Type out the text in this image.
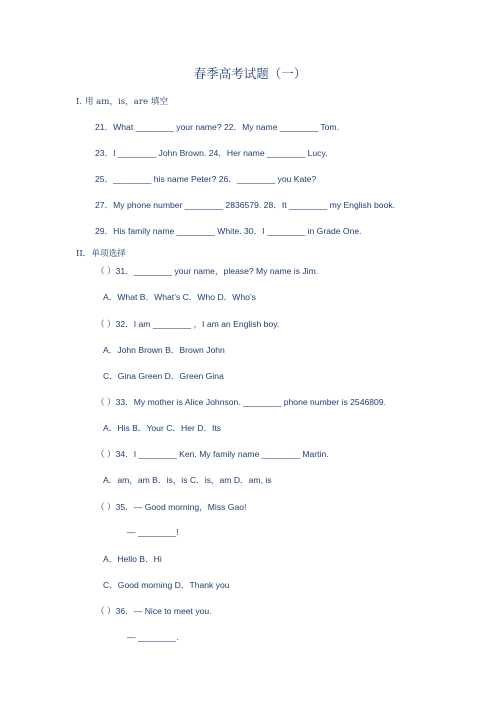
春季高考试题（一）
I. 用 am，is，are 填空
21．What ________ your name? 22．My name ________ Tom.
23．I ________ John Brown. 24．Her name ________ Lucy.
25．________ his name Peter? 26．________ you Kate?
27．My phone number ________ 2836579. 28．It ________ my English book.
29．His family name ________ White. 30．I ________ in Grade One.
II．单项选择
（ ）31．________ your name，please? My name is Jim.
A．What B．What’s C．Who D．Who’s
（ ）32．I am ________ ，I am an English boy.
A．John Brown B．Brown John
C．Gina Green D．Green Gina
（ ）33．My mother is Alice Johnson. ________ phone number is 2546809.
A．His B．Your C．Her D．Its
（ ）34．I ________ Ken. My family name ________ Martin.
A．am，am B．is，is C．is，am D．am, is
（ ）35．— Good morning，Miss Gao!
— ________!
A．Hello B．Hi
C．Good morning D．Thank you
（ ）36．— Nice to meet you.
— ________.
